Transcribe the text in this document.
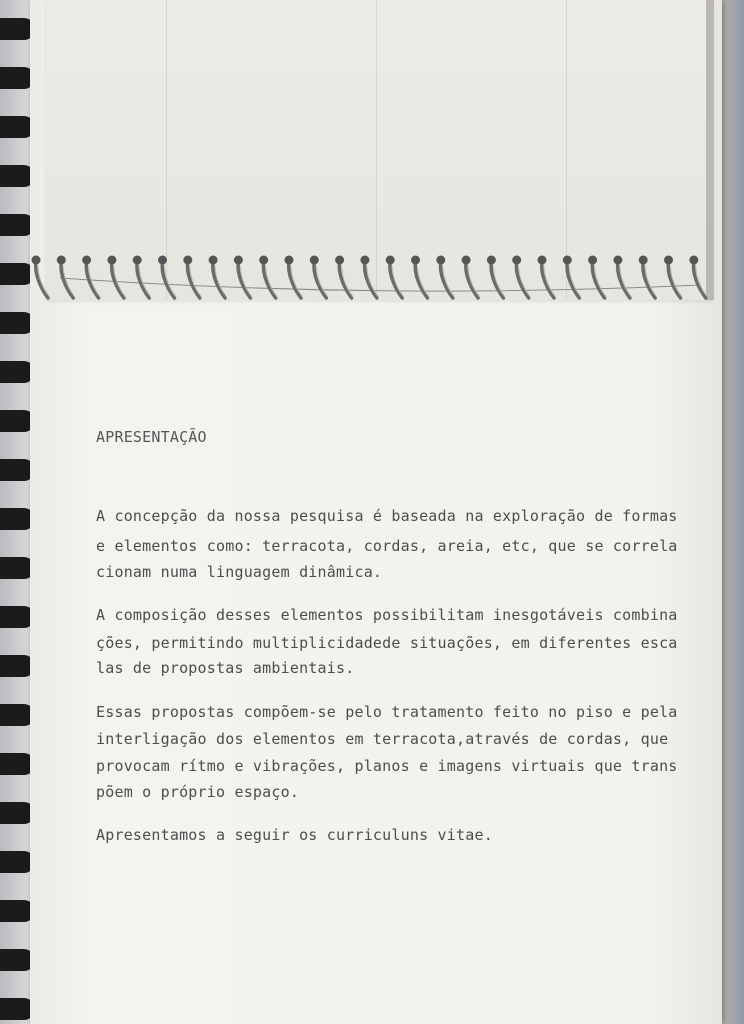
APRESENTAÇÃO
A concepção da nossa pesquisa é baseada na exploração de formas
e elementos como: terracota, cordas, areia, etc, que se correla
cionam numa linguagem dinâmica.
A composição desses elementos possibilitam inesgotáveis combina
ções, permitindo multiplicidadede situações, em diferentes esca
las de propostas ambientais.
Essas propostas compõem-se pelo tratamento feito no piso e pela
interligação dos elementos em terracota,através de cordas, que
provocam rítmo e vibrações, planos e imagens virtuais que trans
põem o próprio espaço.
Apresentamos a seguir os curriculuns vitae.
